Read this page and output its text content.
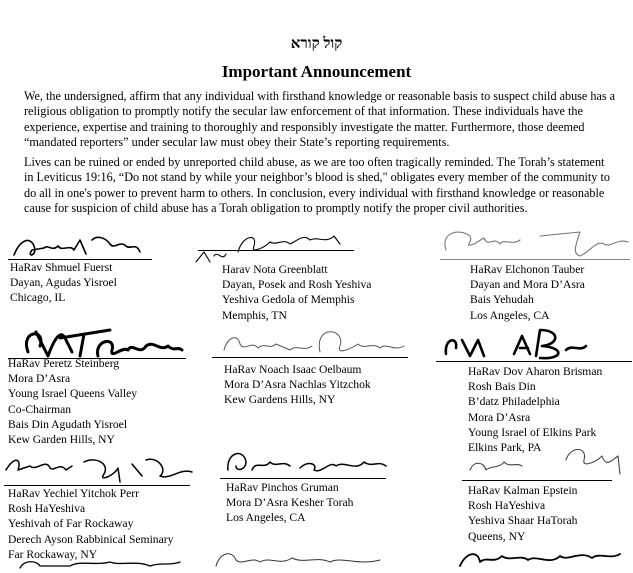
קול קורא
Important Announcement
We, the undersigned, affirm that any individual with firsthand knowledge or reasonable basis to suspect child abuse has a religious obligation to promptly notify the secular law enforcement of that information. These individuals have the experience, expertise and training to thoroughly and responsibly investigate the matter. Furthermore, those deemed “mandated reporters” under secular law must obey their State’s reporting requirements.
Lives can be ruined or ended by unreported child abuse, as we are too often tragically reminded. The Torah’s statement in Leviticus 19:16, “Do not stand by while your neighbor’s blood is shed," obligates every member of the community to do all in one's power to prevent harm to others. In conclusion, every individual with firsthand knowledge or reasonable cause for suspicion of child abuse has a Torah obligation to promptly notify the proper civil authorities.
HaRav Shmuel Fuerst
Dayan, Agudas Yisroel
Chicago, IL
Harav Nota Greenblatt
Dayan, Posek and Rosh Yeshiva
Yeshiva Gedola of Memphis
Memphis, TN
HaRav Elchonon Tauber
Dayan and Mora D’Asra
Bais Yehudah
Los Angeles, CA
HaRav Peretz Steinberg
Mora D’Asra
Young Israel Queens Valley
Co-Chairman
Bais Din Agudath Yisroel
Kew Garden Hills, NY
HaRav Noach Isaac Oelbaum
Mora D’Asra Nachlas Yitzchok
Kew Gardens Hills, NY
HaRav Dov Aharon Brisman
Rosh Bais Din
B’datz Philadelphia
Mora D’Asra
Young Israel of Elkins Park
Elkins Park, PA
HaRav Yechiel Yitchok Perr
Rosh HaYeshiva
Yeshivah of Far Rockaway
Derech Ayson Rabbinical Seminary
Far Rockaway, NY
HaRav Pinchos Gruman
Mora D’Asra Kesher Torah
Los Angeles, CA
HaRav Kalman Epstein
Rosh HaYeshiva
Yeshiva Shaar HaTorah
Queens, NY
